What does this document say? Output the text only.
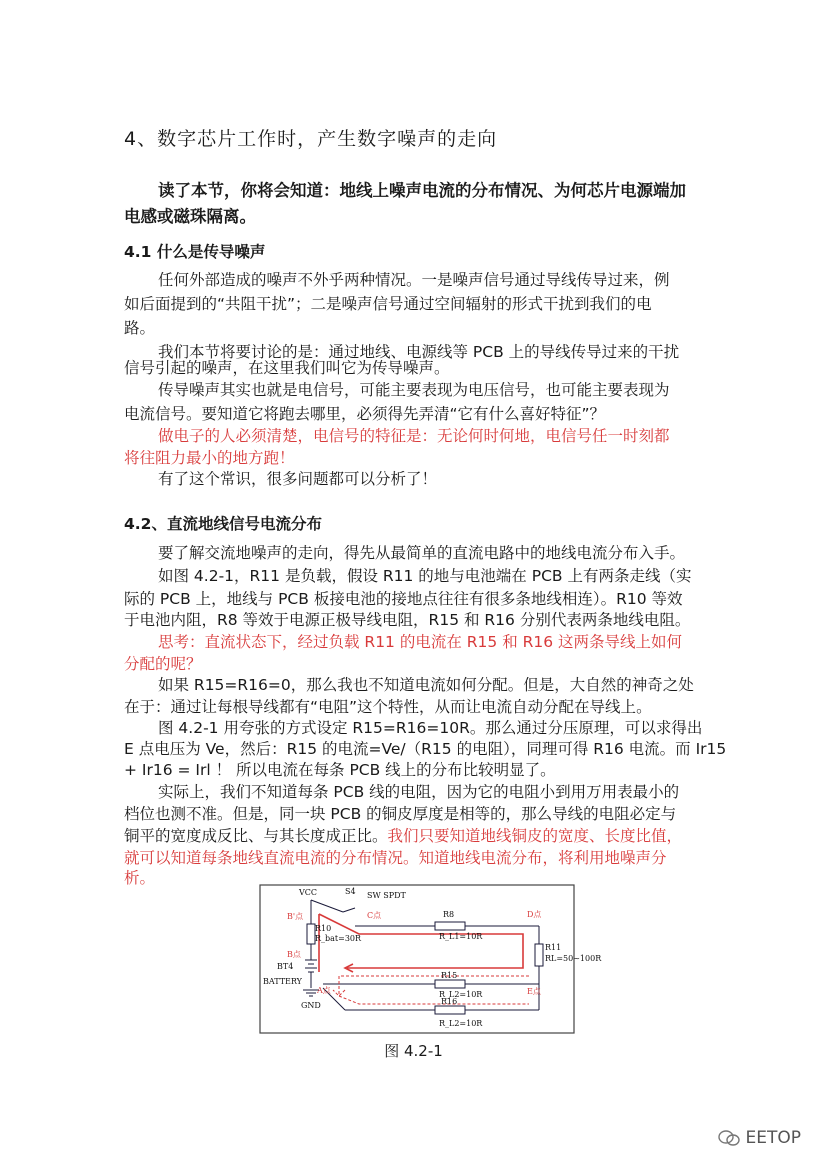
4、数字芯片工作时，产生数字噪声的走向
读了本节，你将会知道：地线上噪声电流的分布情况、为何芯片电源端加
电感或磁珠隔离。
4.1 什么是传导噪声
任何外部造成的噪声不外乎两种情况。一是噪声信号通过导线传导过来，例
如后面提到的“共阻干扰”；二是噪声信号通过空间辐射的形式干扰到我们的电
路。
我们本节将要讨论的是：通过地线、电源线等 PCB 上的导线传导过来的干扰
信号引起的噪声，在这里我们叫它为传导噪声。
传导噪声其实也就是电信号，可能主要表现为电压信号，也可能主要表现为
电流信号。要知道它将跑去哪里，必须得先弄清“它有什么喜好特征”？
做电子的人必须清楚，电信号的特征是：无论何时何地，电信号任一时刻都
将往阻力最小的地方跑！
有了这个常识，很多问题都可以分析了！
4.2、直流地线信号电流分布
要了解交流地噪声的走向，得先从最简单的直流电路中的地线电流分布入手。
如图 4.2-1，R11 是负载，假设 R11 的地与电池端在 PCB 上有两条走线（实
际的 PCB 上，地线与 PCB 板接电池的接地点往往有很多条地线相连）。R10 等效
于电池内阻，R8 等效于电源正极导线电阻，R15 和 R16 分别代表两条地线电阻。
思考：直流状态下，经过负载 R11 的电流在 R15 和 R16 这两条导线上如何
分配的呢？
如果 R15=R16=0，那么我也不知道电流如何分配。但是，大自然的神奇之处
在于：通过让每根导线都有“电阻”这个特性，从而让电流自动分配在导线上。
图 4.2-1 用夸张的方式设定 R15=R16=10R。那么通过分压原理，可以求得出
E 点电压为 Ve，然后：R15 的电流=Ve/（R15 的电阻），同理可得 R16 电流。而 Ir15
+ Ir16 = Irl ！ 所以电流在每条 PCB 线上的分布比较明显了。
实际上，我们不知道每条 PCB 线的电阻，因为它的电阻小到用万用表最小的
档位也测不准。但是，同一块 PCB 的铜皮厚度是相等的，那么导线的电阻必定与
铜平的宽度成反比、与其长度成正比。我们只要知道地线铜皮的宽度、长度比值，
就可以知道每条地线直流电流的分布情况。知道地线电流分布，将利用地噪声分
析。
VCC	S4 SW SPDT
B'点	C点	R8
R_L1=10R
D点
R10
R_bat=30R
B点
R11
RL=50~100R
BT4
BATTERY
R15
R_L2=10R	E点
A点
GND	R16
R_L2=10R
图 4.2-1
EETOP
